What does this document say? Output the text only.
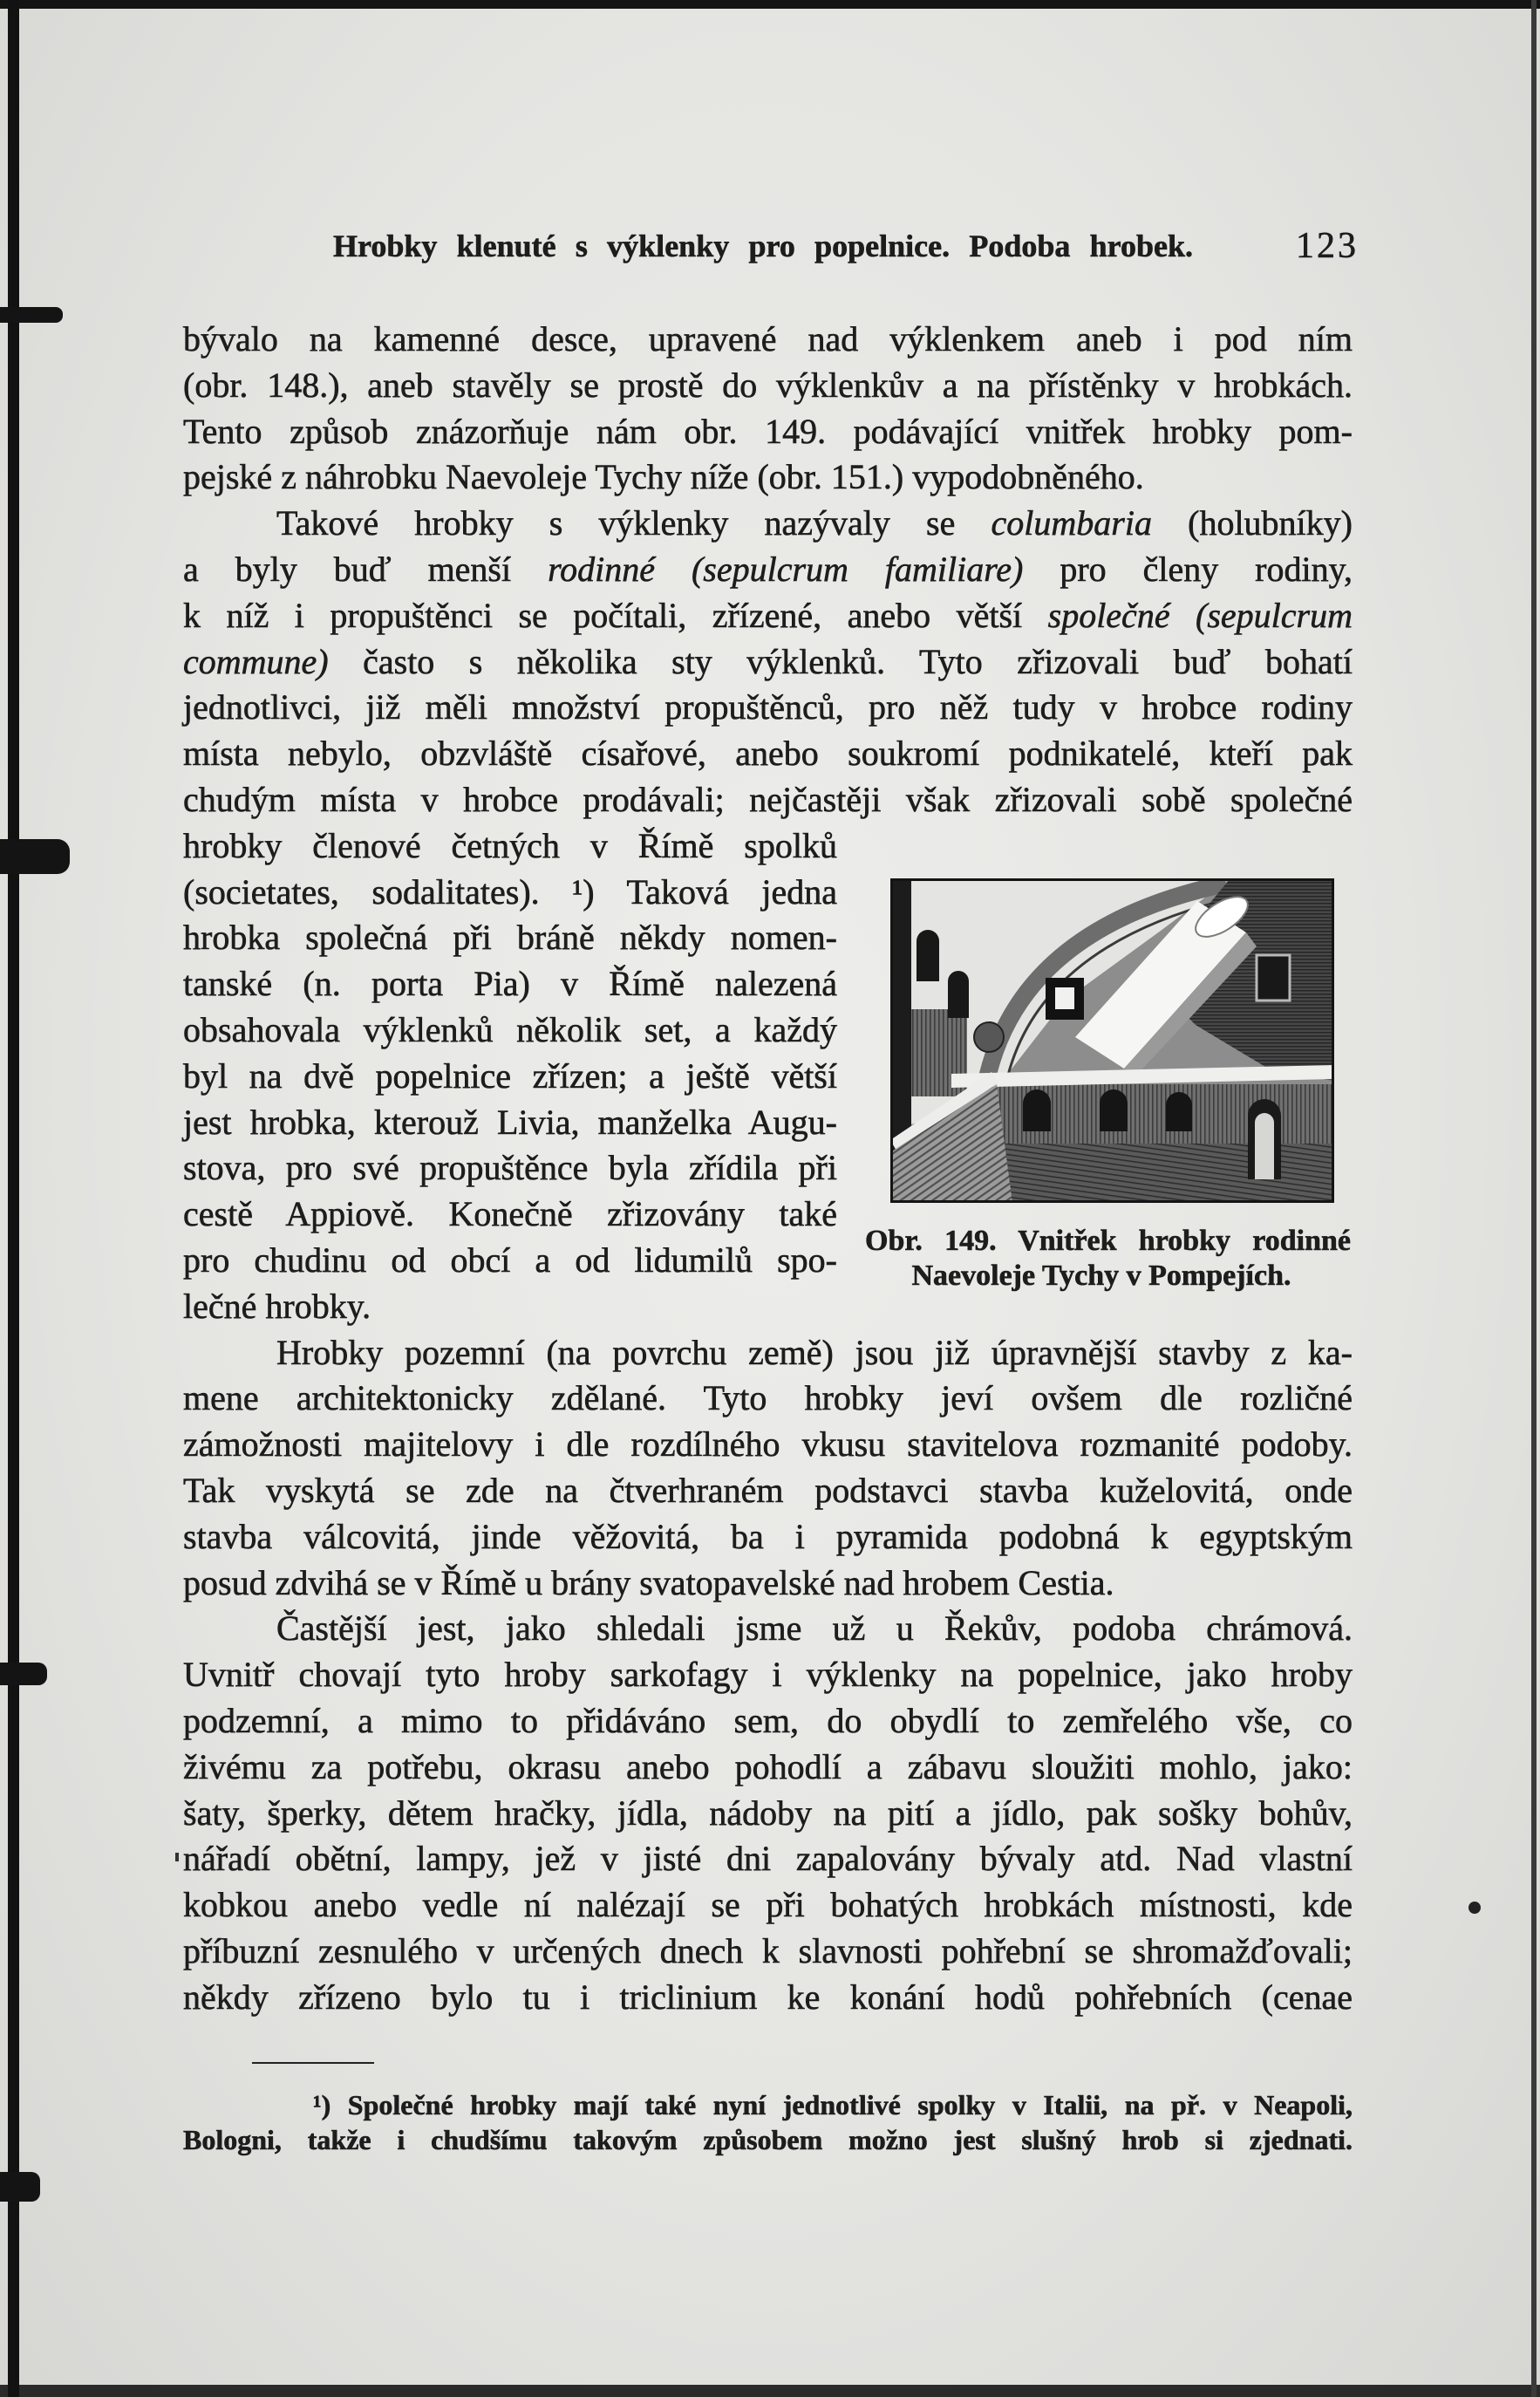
Hrobky klenuté s výklenky pro popelnice. Podoba hrobek.	123
bývalo na kamenné desce, upravené nad výklenkem aneb i pod ním
(obr. 148.), aneb stavěly se prostě do výklenkův a na přístěnky v hrobkách.
Tento způsob znázorňuje nám obr. 149. podávající vnitřek hrobky pom-
pejské z náhrobku Naevoleje Tychy níže (obr. 151.) vypodobněného.
Takové hrobky s výklenky nazývaly se columbaria (holubníky)
a byly buď menší rodinné (sepulcrum familiare) pro členy rodiny,
k níž i propuštěnci se počítali, zřízené, anebo větší společné (sepulcrum
commune) často s několika sty výklenků. Tyto zřizovali buď bohatí
jednotlivci, již měli množství propuštěnců, pro něž tudy v hrobce rodiny
místa nebylo, obzvláště císařové, anebo soukromí podnikatelé, kteří pak
chudým místa v hrobce prodávali; nejčastěji však zřizovali sobě společné
hrobky členové četných v Římě spolků
(societates, sodalitates). ¹) Taková jedna
hrobka společná při bráně někdy nomen-
tanské (n. porta Pia) v Římě nalezená
obsahovala výklenků několik set, a každý
byl na dvě popelnice zřízen; a ještě větší
jest hrobka, kterouž Livia, manželka Augu-
stova, pro své propuštěnce byla zřídila při
cestě Appiově. Konečně zřizovány také
pro chudinu od obcí a od lidumilů spo-
lečné hrobky.
Hrobky pozemní (na povrchu země) jsou již úpravnější stavby z ka-
mene architektonicky zdělané. Tyto hrobky jeví ovšem dle rozličné
zámožnosti majitelovy i dle rozdílného vkusu stavitelova rozmanité podoby.
Tak vyskytá se zde na čtverhraném podstavci stavba kuželovitá, onde
stavba válcovitá, jinde věžovitá, ba i pyramida podobná k egyptským
posud zdvihá se v Římě u brány svatopavelské nad hrobem Cestia.
Častější jest, jako shledali jsme už u Řekův, podoba chrámová.
Uvnitř chovají tyto hroby sarkofagy i výklenky na popelnice, jako hroby
podzemní, a mimo to přidáváno sem, do obydlí to zemřelého vše, co
živému za potřebu, okrasu anebo pohodlí a zábavu sloužiti mohlo, jako:
šaty, šperky, dětem hračky, jídla, nádoby na pití a jídlo, pak sošky bohův,
nářadí obětní, lampy, jež v jisté dni zapalovány bývaly atd. Nad vlastní
kobkou anebo vedle ní nalézají se při bohatých hrobkách místnosti, kde
příbuzní zesnulého v určených dnech k slavnosti pohřební se shromažďovali;
někdy zřízeno bylo tu i triclinium ke konání hodů pohřebních (cenae
Obr. 149. Vnitřek hrobky rodinné
Naevoleje Tychy v Pompejích.
¹) Společné hrobky mají také nyní jednotlivé spolky v Italii, na př. v Neapoli,
Bologni, takže i chudšímu takovým způsobem možno jest slušný hrob si zjednati.
